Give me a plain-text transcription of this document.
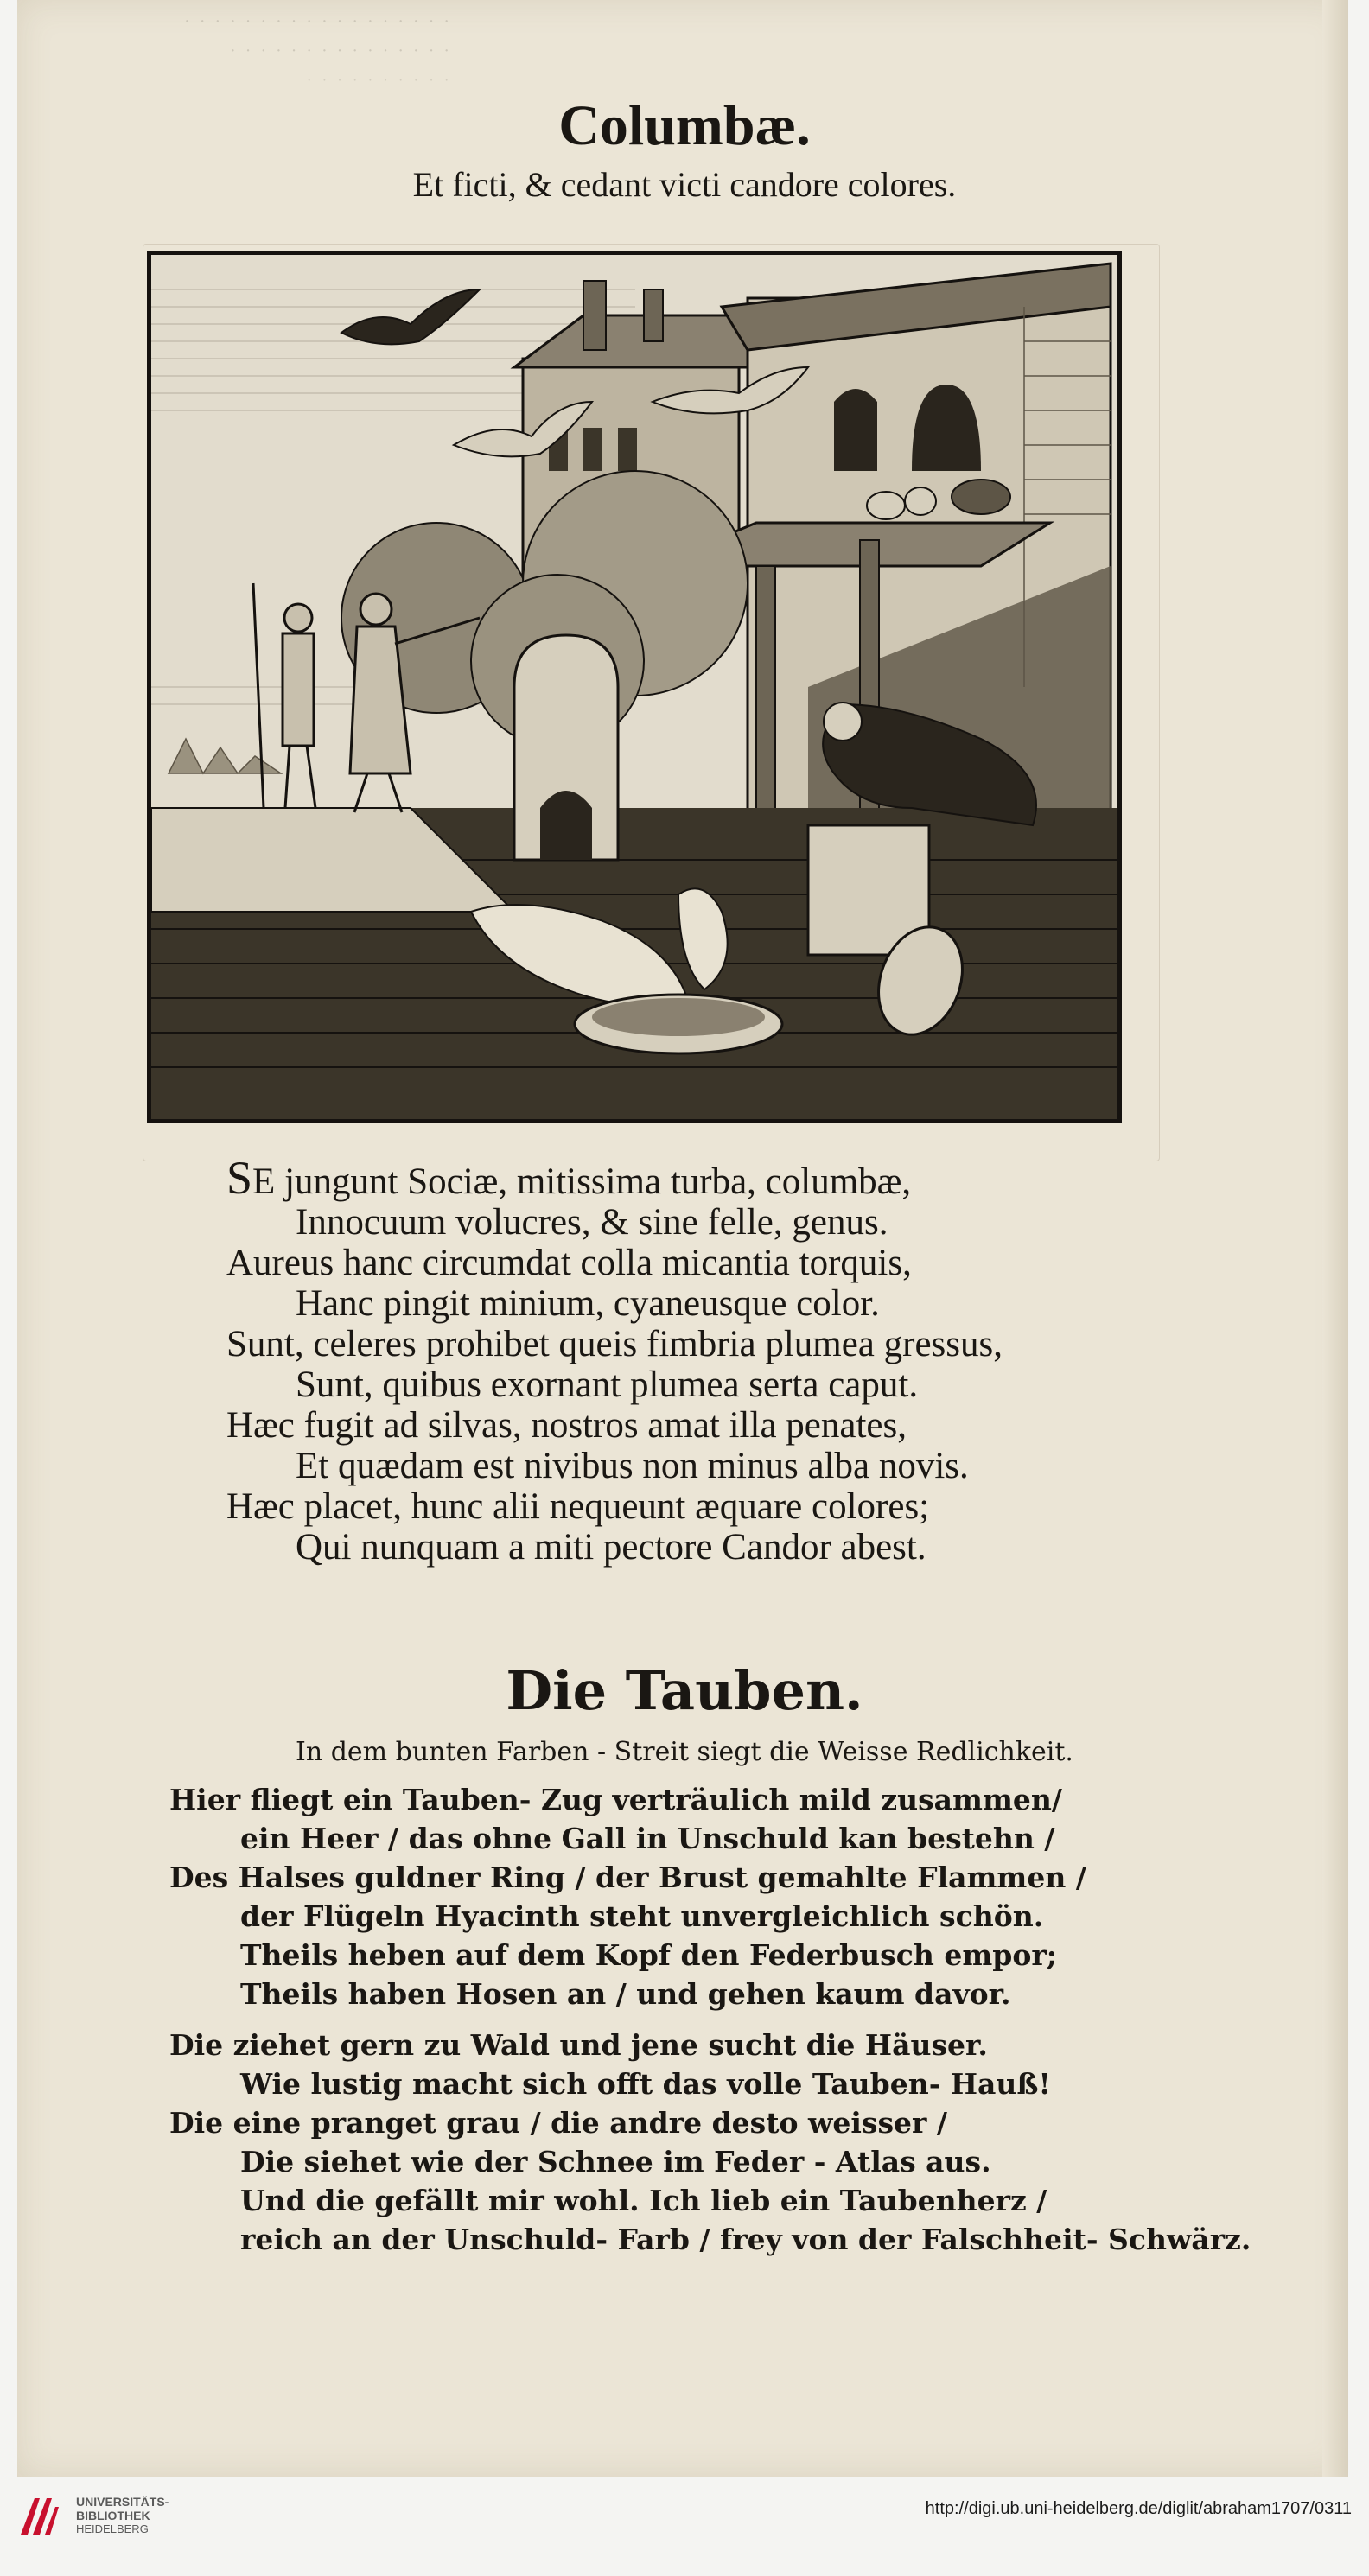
· · · · · · · · · · · · · · · · · ·
· · · · · · · · · · · · · · ·
· · · · · · · · · ·
Columbæ.
Et ficti, & cedant victi candore colores.
SE jungunt Sociæ, mitissima turba, columbæ,
Innocuum volucres, & sine felle, genus.
Aureus hanc circumdat colla micantia torquis,
Hanc pingit minium, cyaneusque color.
Sunt, celeres prohibet queis fimbria plumea gressus,
Sunt, quibus exornant plumea serta caput.
Hæc fugit ad silvas, nostros amat illa penates,
Et quædam est nivibus non minus alba novis.
Hæc placet, hunc alii nequeunt æquare colores;
Qui nunquam a miti pectore Candor abest.
Die Tauben.
In dem bunten Farben - Streit siegt die Weisse Redlichkeit.
Hier fliegt ein Tauben- Zug verträulich mild zusammen/
ein Heer / das ohne Gall in Unschuld kan bestehn /
Des Halses guldner Ring / der Brust gemahlte Flammen /
der Flügeln Hyacinth steht unvergleichlich schön.
Theils heben auf dem Kopf den Federbusch empor;
Theils haben Hosen an / und gehen kaum davor.
Die ziehet gern zu Wald und jene sucht die Häuser.
Wie lustig macht sich offt das volle Tauben- Hauß!
Die eine pranget grau / die andre desto weisser /
Die siehet wie der Schnee im Feder - Atlas aus.
Und die gefällt mir wohl. Ich lieb ein Taubenherz /
reich an der Unschuld- Farb / frey von der Falschheit- Schwärz.
UNIVERSITÄTS-
BIBLIOTHEK
HEIDELBERG
http://digi.ub.uni-heidelberg.de/diglit/abraham1707/0311
